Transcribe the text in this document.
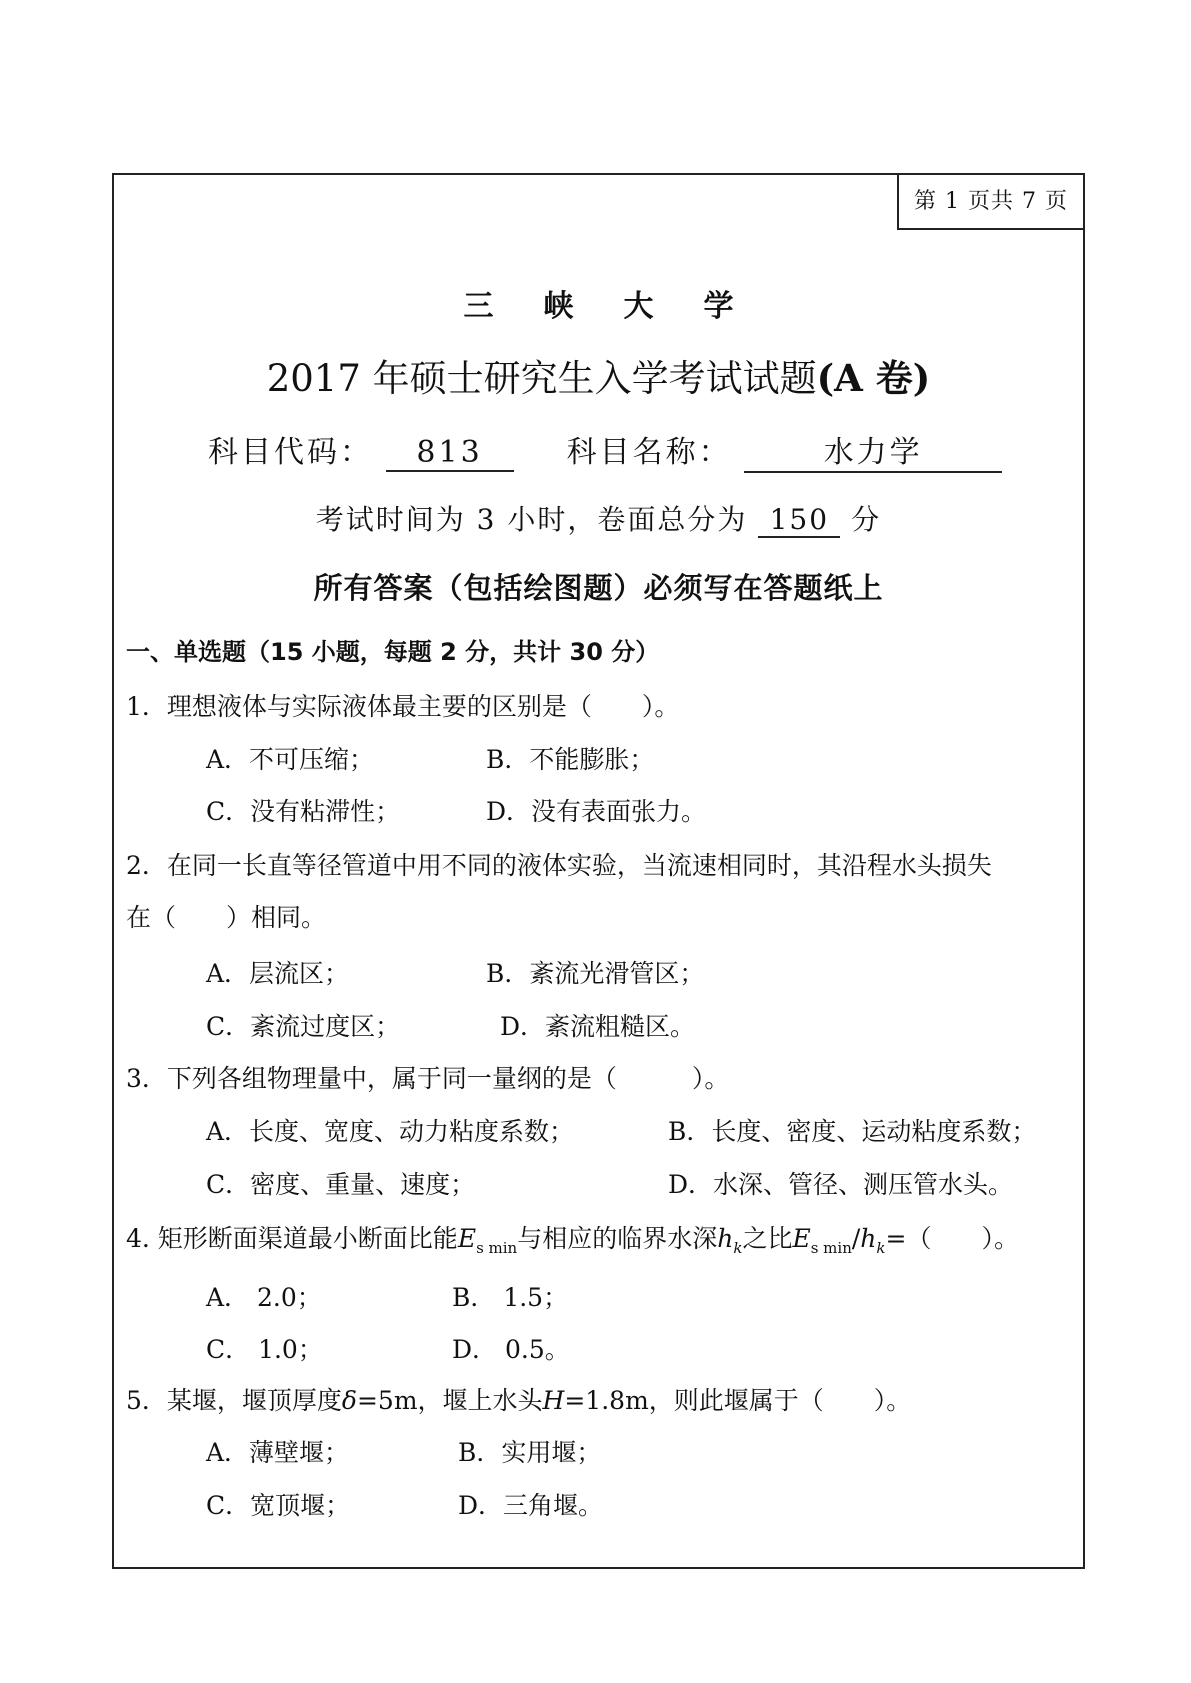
第 1 页共 7 页
三峡大学
2017 年硕士研究生入学考试试题(A 卷)
科目代码： 813	科目名称：	水力学
考试时间为 3 小时，卷面总分为 150 分
所有答案（包括绘图题）必须写在答题纸上
一、单选题（15 小题，每题 2 分，共计 30 分）
1．理想液体与实际液体最主要的区别是（　　）。
A．不可压缩；	B．不能膨胀；
C．没有粘滞性；	D．没有表面张力。
2．在同一长直等径管道中用不同的液体实验，当流速相同时，其沿程水头损失
在（　　）相同。
A．层流区；	B．紊流光滑管区；
C．紊流过度区；	D．紊流粗糙区。
3．下列各组物理量中，属于同一量纲的是（　　　）。
A．长度、宽度、动力粘度系数；	B．长度、密度、运动粘度系数；
C．密度、重量、速度；	D．水深、管径、测压管水头。
4. 矩形断面渠道最小断面比能$E_{s min}$与相应的临界水深$h_k$之比$E_{s min}/h_k=$（　　）。
A． 2.0；	B． 1.5；
C． 1.0；	D． 0.5。
5．某堰，堰顶厚度δ=5m，堰上水头H=1.8m，则此堰属于（　　）。
A．薄壁堰；	B．实用堰；
C．宽顶堰；	D．三角堰。
